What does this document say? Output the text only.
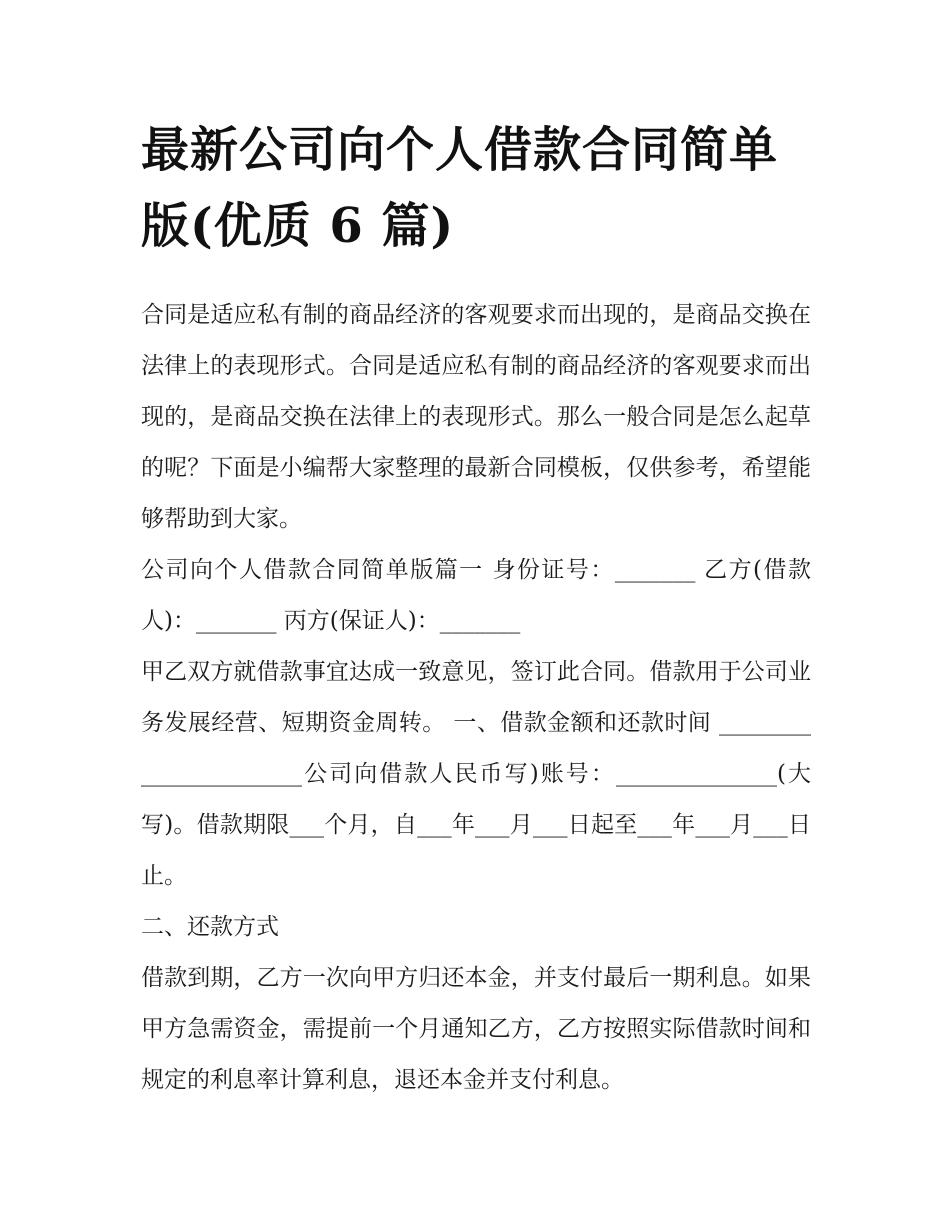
最新公司向个人借款合同简单
版(优质 6 篇)

合同是适应私有制的商品经济的客观要求而出现的，是商品交换在法律上的表现形式。合同是适应私有制的商品经济的客观要求而出现的，是商品交换在法律上的表现形式。那么一般合同是怎么起草的呢？下面是小编帮大家整理的最新合同模板，仅供参考，希望能够帮助到大家。

公司向个人借款合同简单版篇一 身份证号：_______ 乙方(借款人)：_______ 丙方(保证人)：_______

甲乙双方就借款事宜达成一致意见，签订此合同。借款用于公司业务发展经营、短期资金周转。 一、借款金额和还款时间 ______________________公司向借款人民币写)账号：______________(大写)。借款期限___个月，自___年___月___日起至___年___月___日止。

二、还款方式

借款到期，乙方一次向甲方归还本金，并支付最后一期利息。如果甲方急需资金，需提前一个月通知乙方，乙方按照实际借款时间和规定的利息率计算利息，退还本金并支付利息。
